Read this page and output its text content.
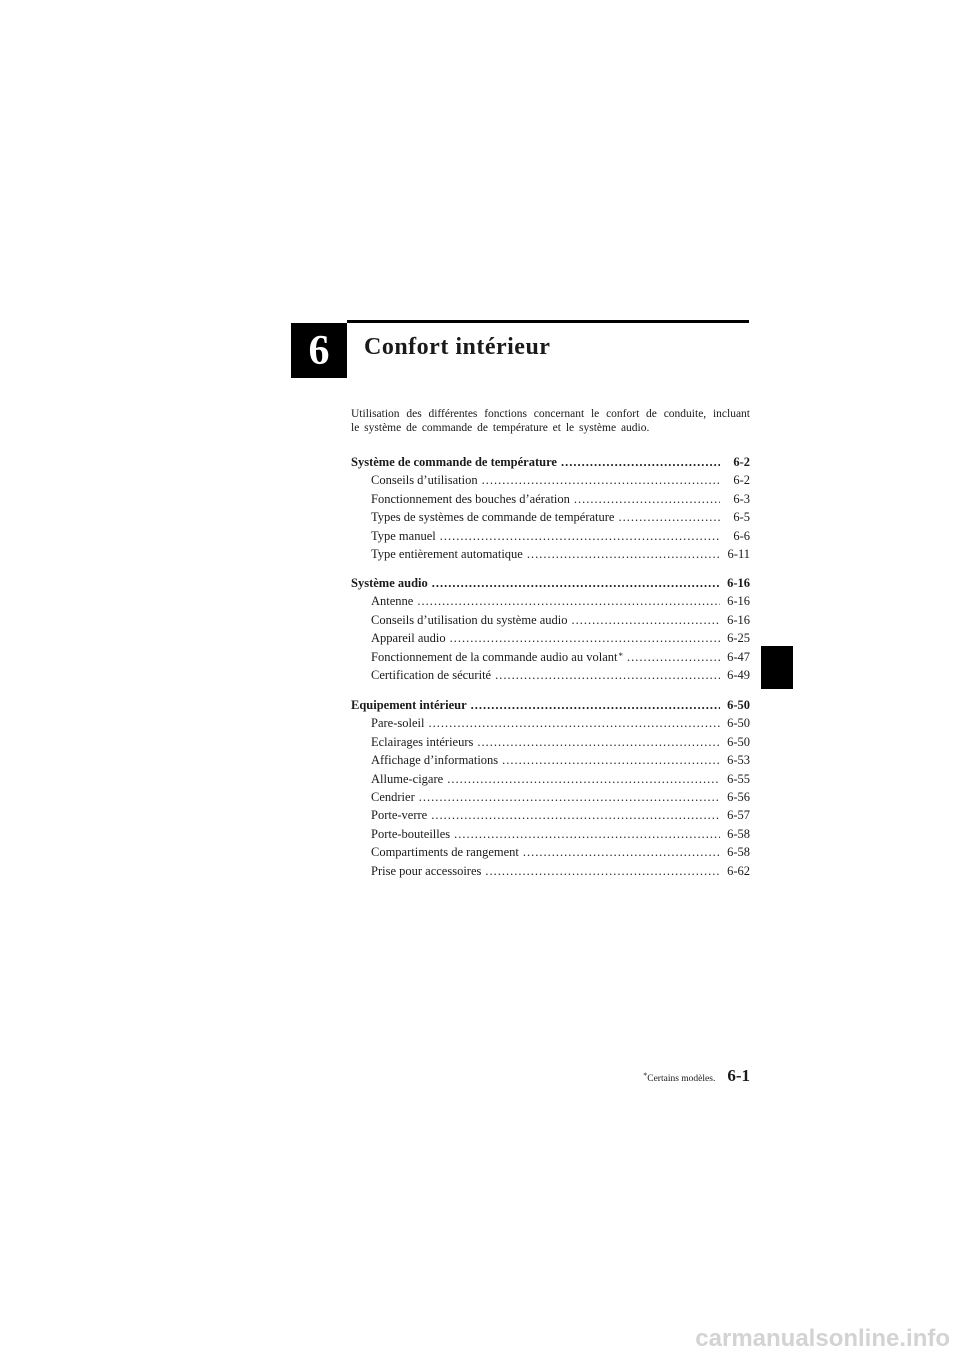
6 Confort intérieur

Utilisation des différentes fonctions concernant le confort de conduite, incluant

le système de commande de température et le système audio.

Système de commande de température .....	6-2
Conseils d’utilisation .....	6-2
Fonctionnement des bouches d’aération .....	6-3
Types de systèmes de commande de température .....	6-5
Type manuel .....	6-6
Type entièrement automatique .....	6-11
Système audio .....	6-16
Antenne .....	6-16
Conseils d’utilisation du système audio .....	6-16
Appareil audio .....	6-25
Fonctionnement de la commande audio au volant * .....	6-47
Certification de sécurité .....	6-49
Equipement intérieur .....	6-50
Pare-soleil .....	6-50
Eclairages intérieurs .....	6-50
Affichage d’informations .....	6-53
Allume-cigare .....	6-55
Cendrier .....	6-56
Porte-verre .....	6-57
Porte-bouteilles .....	6-58
Compartiments de rangement .....	6-58
Prise pour accessoires .....	6-62
*Certains modèles. 6-1
carmanualsonline.info
